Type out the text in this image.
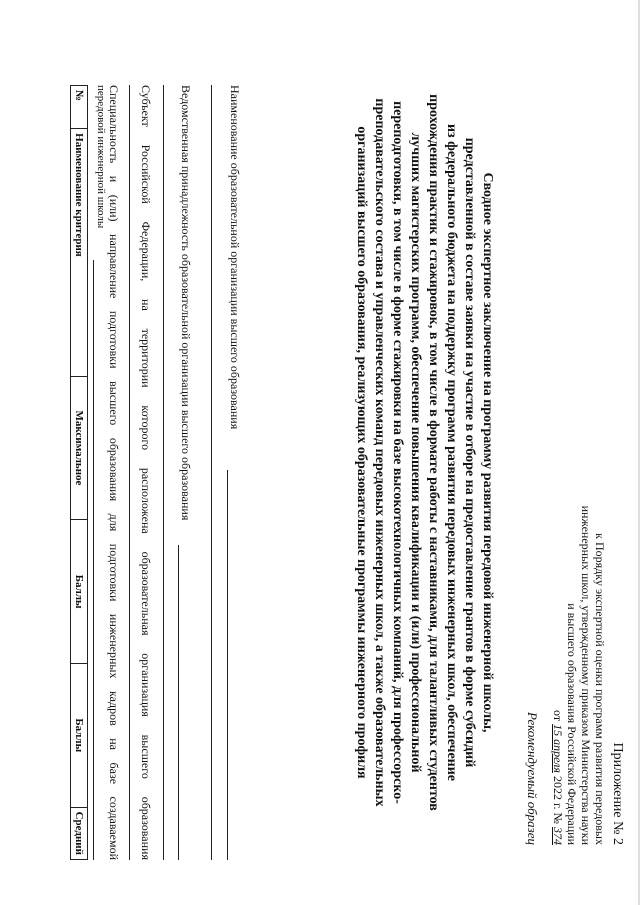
Приложение № 2
к Порядку экспертной оценки программ развития передовых
инженерных школ, утвержденному приказом Министерства науки
и высшего образования Российской Федерации
от 15 апреля 2022 г. № 374
Рекомендуемый образец
Сводное экспертное заключение на программу развития передовой инженерной школы,
представленной в составе заявки на участие в отборе на предоставление грантов в форме субсидий
из федерального бюджета на поддержку программ развития передовых инженерных школ, обеспечение
прохождения практик и стажировок, в том числе в формате работы с наставниками, для талантливых студентов
лучших магистерских программ, обеспечение повышения квалификации и (или) профессиональной
переподготовки, в том числе в форме стажировки на базе высокотехнологичных компаний, для профессорско-
преподавательского состава и управленческих команд передовых инженерных школ, а также образовательных
организаций высшего образования, реализующих образовательные программы инженерного профиля
Наименование образовательной организации высшего образования
Ведомственная принадлежность образовательной организации высшего образования
Субъект Российской Федерации, на территории которого расположена образовательная организация высшего образования
Специальность и (или) направление подготовки высшего образования для подготовки инженерных кадров на базе создаваемой
передовой инженерной школы
№	Наименование критерия	Максимальное	Баллы	Баллы	Средний
